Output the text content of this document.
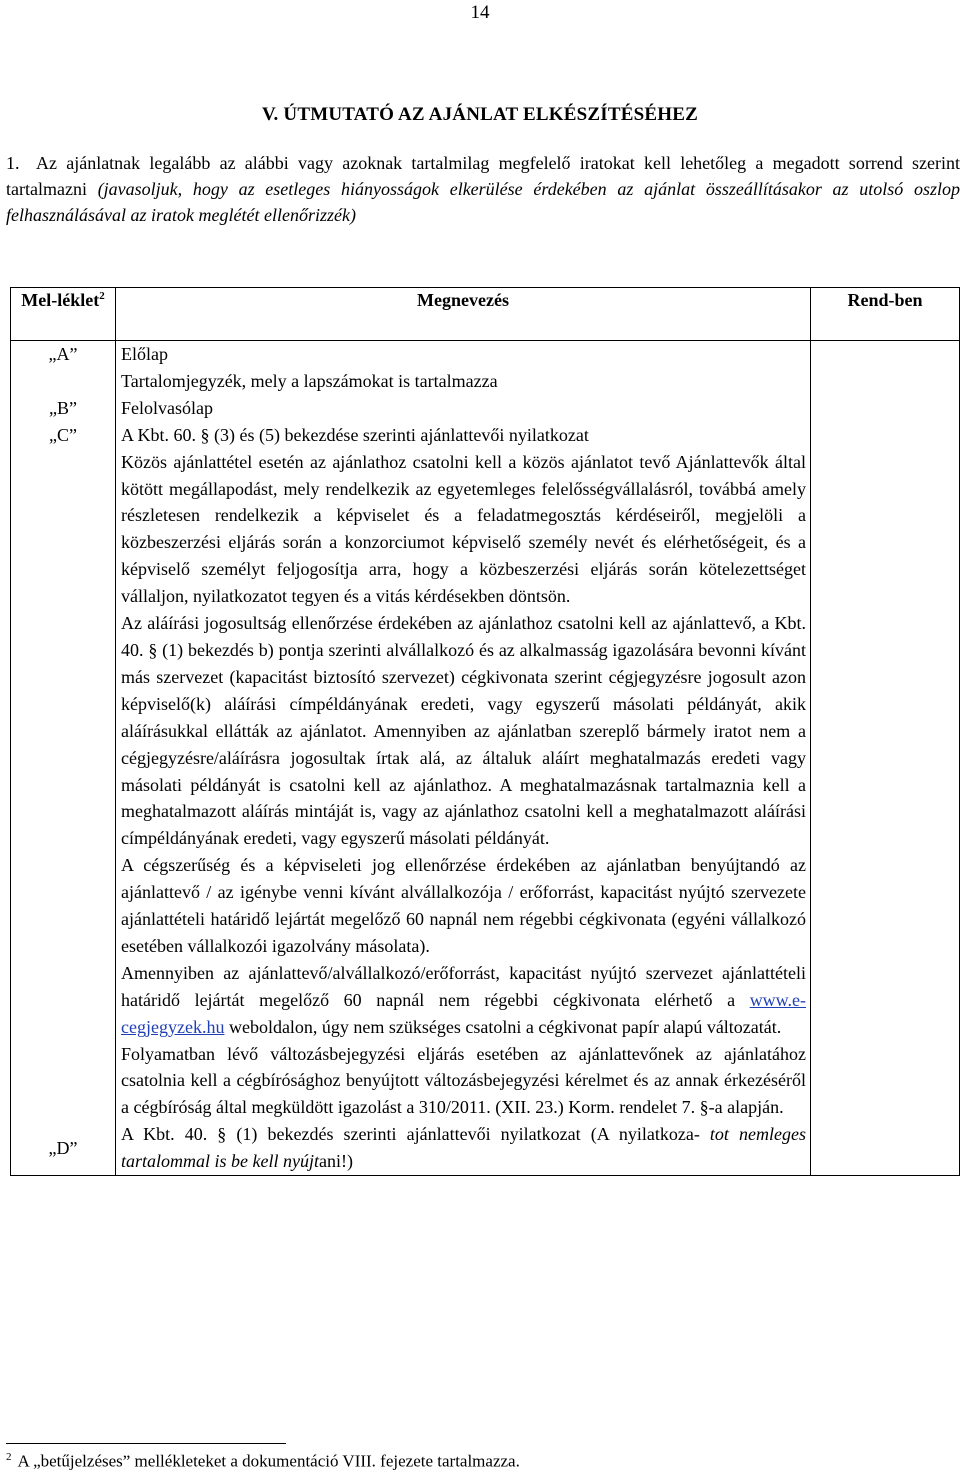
14
V. ÚTMUTATÓ AZ AJÁNLAT ELKÉSZÍTÉSÉHEZ
1. Az ajánlatnak legalább az alábbi vagy azoknak tartalmilag megfelelő iratokat kell lehetőleg a megadott sorrend szerint tartalmazni (javasoljuk, hogy az esetleges hiányosságok elkerülése érdekében az ajánlat összeállításakor az utolsó oszlop felhasználásával az iratok meglétét ellenőrizzék)

Mel-léklet$^2$	Megnevezés	Rend-ben
„A”	Előlap	
	Tartalomjegyzék, mely a lapszámokat is tartalmazza	
„B”	Felolvasólap	
„C”	A Kbt. 60. § (3) és (5) bekezdése szerinti ajánlattevői nyilatkozat	
	Közös ajánlattétel esetén az ajánlathoz csatolni kell a közös ajánlatot tevő Ajánlattevők által kötött megállapodást, mely rendelkezik az egyetemleges felelősségvállalásról, továbbá amely részletesen rendelkezik a képviselet és a feladatmegosztás kérdéseiről, megjelöli a közbeszerzési eljárás során a konzorciumot képviselő személy nevét és elérhetőségeit, és a képviselő személyt feljogosítja arra, hogy a közbeszerzési eljárás során kötelezettséget vállaljon, nyilatkozatot tegyen és a vitás kérdésekben döntsön.	
	Az aláírási jogosultság ellenőrzése érdekében az ajánlathoz csatolni kell az ajánlattevő, a Kbt. 40. § (1) bekezdés b) pontja szerinti alvállalkozó és az alkalmasság igazolására bevonni kívánt más szervezet (kapacitást biztosító szervezet) cégkivonata szerint cégjegyzésre jogosult azon képviselő(k) aláírási címpéldányának eredeti, vagy egyszerű másolati példányát, akik aláírásukkal ellátták az ajánlatot. Amennyiben az ajánlatban szereplő bármely iratot nem a cégjegyzésre/aláírásra jogosultak írtak alá, az általuk aláírt meghatalmazás eredeti vagy másolati példányát is csatolni kell az ajánlathoz. A meghatalmazásnak tartalmaznia kell a meghatalmazott aláírás mintáját is, vagy az ajánlathoz csatolni kell a meghatalmazott aláírási címpéldányának eredeti, vagy egyszerű másolati példányát.	
	A cégszerűség és a képviseleti jog ellenőrzése érdekében az ajánlatban benyújtandó az ajánlattevő / az igénybe venni kívánt alvállalkozója / erőforrást, kapacitást nyújtó szervezete ajánlattételi határidő lejártát megelőző 60 napnál nem régebbi cégkivonata (egyéni vállalkozó esetében vállalkozói igazolvány másolata).	
	Amennyiben az ajánlattevő/alvállalkozó/erőforrást, kapacitást nyújtó szervezet ajánlattételi határidő lejártát megelőző 60 napnál nem régebbi cégkivonata elérhető a www.e-cegjegyzek.hu weboldalon, úgy nem szükséges csatolni a cégkivonat papír alapú változatát.	
	Folyamatban lévő változásbejegyzési eljárás esetében az ajánlattevőnek az ajánlatához csatolnia kell a cégbírósághoz benyújtott változásbejegyzési kérelmet és az annak érkezéséről a cégbíróság által megküldött igazolást a 310/2011. (XII. 23.) Korm. rendelet 7. §-a alapján.	
„D”	A Kbt. 40. § (1) bekezdés szerinti ajánlattevői nyilatkozat (A nyilatkoza- tot nemleges tartalommal is be kell nyújtani!)	
$^2$ A „betűjelzéses” mellékleteket a dokumentáció VIII. fejezete tartalmazza.
